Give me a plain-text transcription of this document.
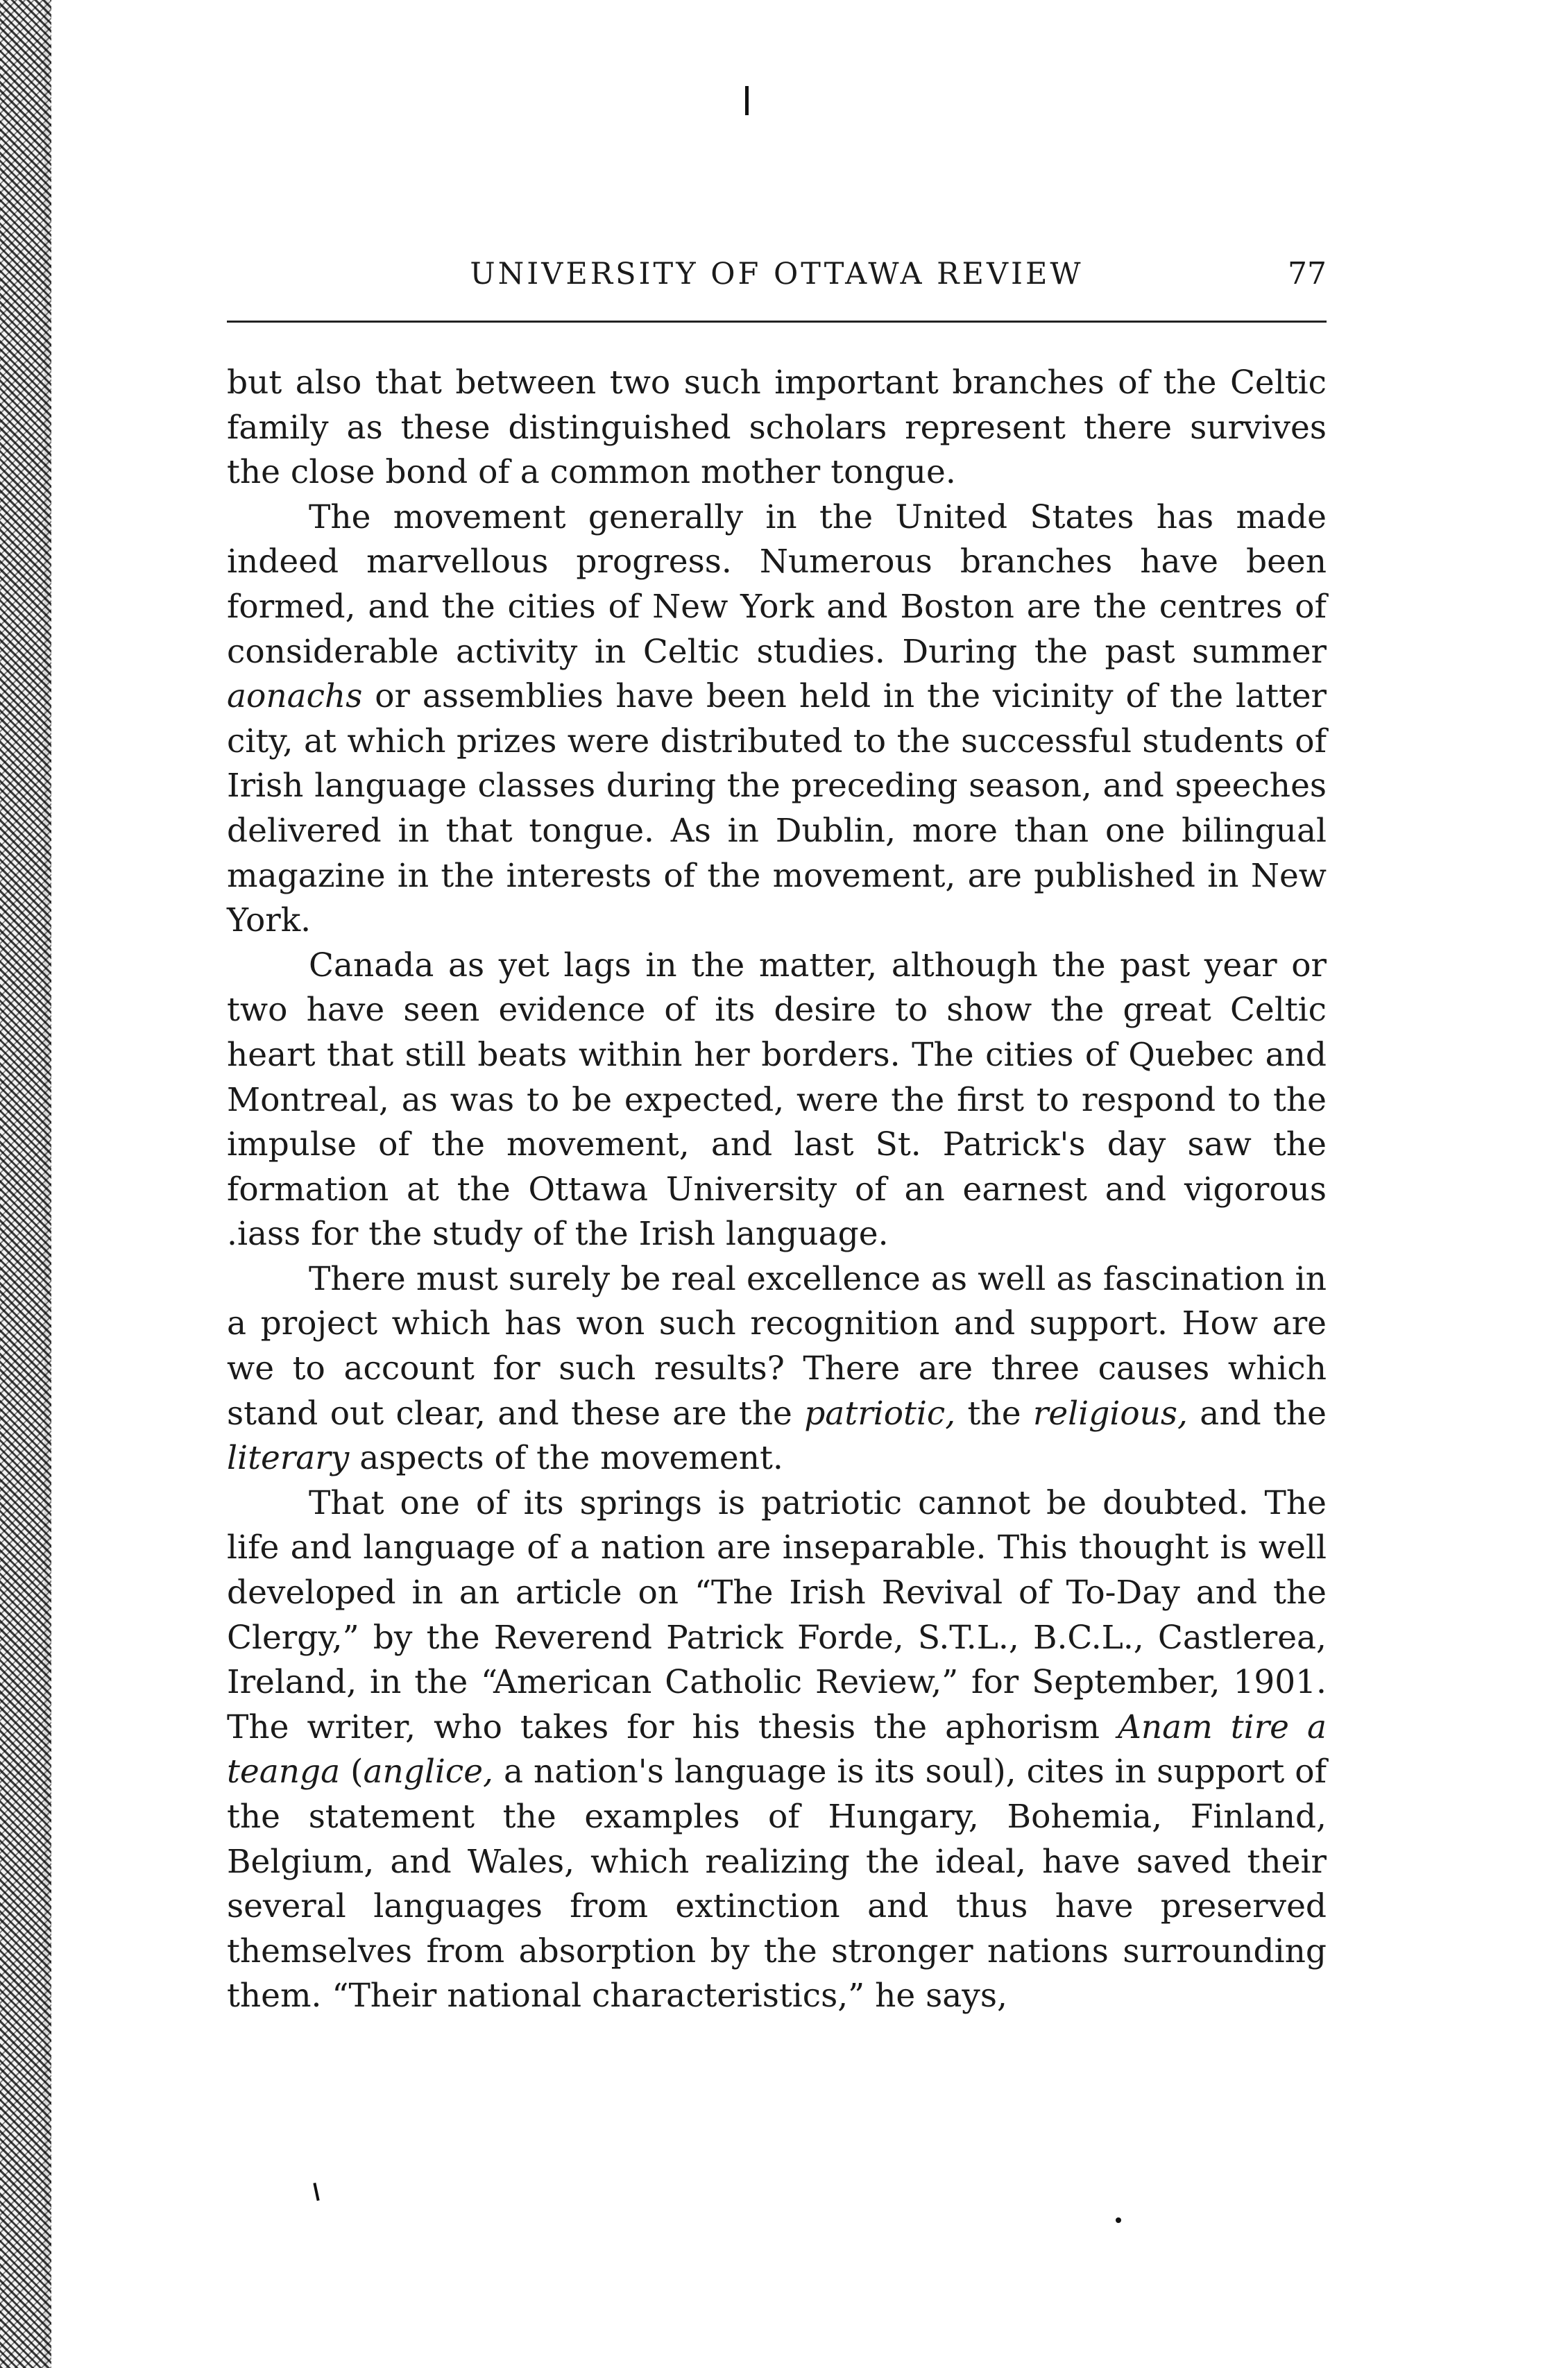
UNIVERSITY OF OTTAWA REVIEW	77

but also that between two such important branches of the Celtic family as these distinguished scholars represent there survives the close bond of a common mother tongue.

The movement generally in the United States has made indeed marvellous progress. Numerous branches have been formed, and the cities of New York and Boston are the centres of considerable activity in Celtic studies. During the past summer aonachs or assemblies have been held in the vicinity of the latter city, at which prizes were distributed to the successful students of Irish language classes during the preceding season, and speeches delivered in that tongue. As in Dublin, more than one bilingual magazine in the interests of the movement, are published in New York.

Canada as yet lags in the matter, although the past year or two have seen evidence of its desire to show the great Celtic heart that still beats within her borders. The cities of Quebec and Montreal, as was to be expected, were the first to respond to the impulse of the movement, and last St. Patrick's day saw the formation at the Ottawa University of an earnest and vigorous .iass for the study of the Irish language.

There must surely be real excellence as well as fascination in a project which has won such recognition and support. How are we to account for such results? There are three causes which stand out clear, and these are the patriotic, the religious, and the literary aspects of the movement.

That one of its springs is patriotic cannot be doubted. The life and language of a nation are inseparable. This thought is well developed in an article on “The Irish Revival of To-Day and the Clergy,” by the Reverend Patrick Forde, S.T.L., B.C.L., Castlerea, Ireland, in the “American Catholic Review,” for September, 1901. The writer, who takes for his thesis the aphorism Anam tire a teanga (anglice, a nation's language is its soul), cites in support of the statement the examples of Hungary, Bohemia, Finland, Belgium, and Wales, which realizing the ideal, have saved their several languages from extinction and thus have preserved themselves from absorption by the stronger nations surrounding them. “Their national characteristics,” he says,
